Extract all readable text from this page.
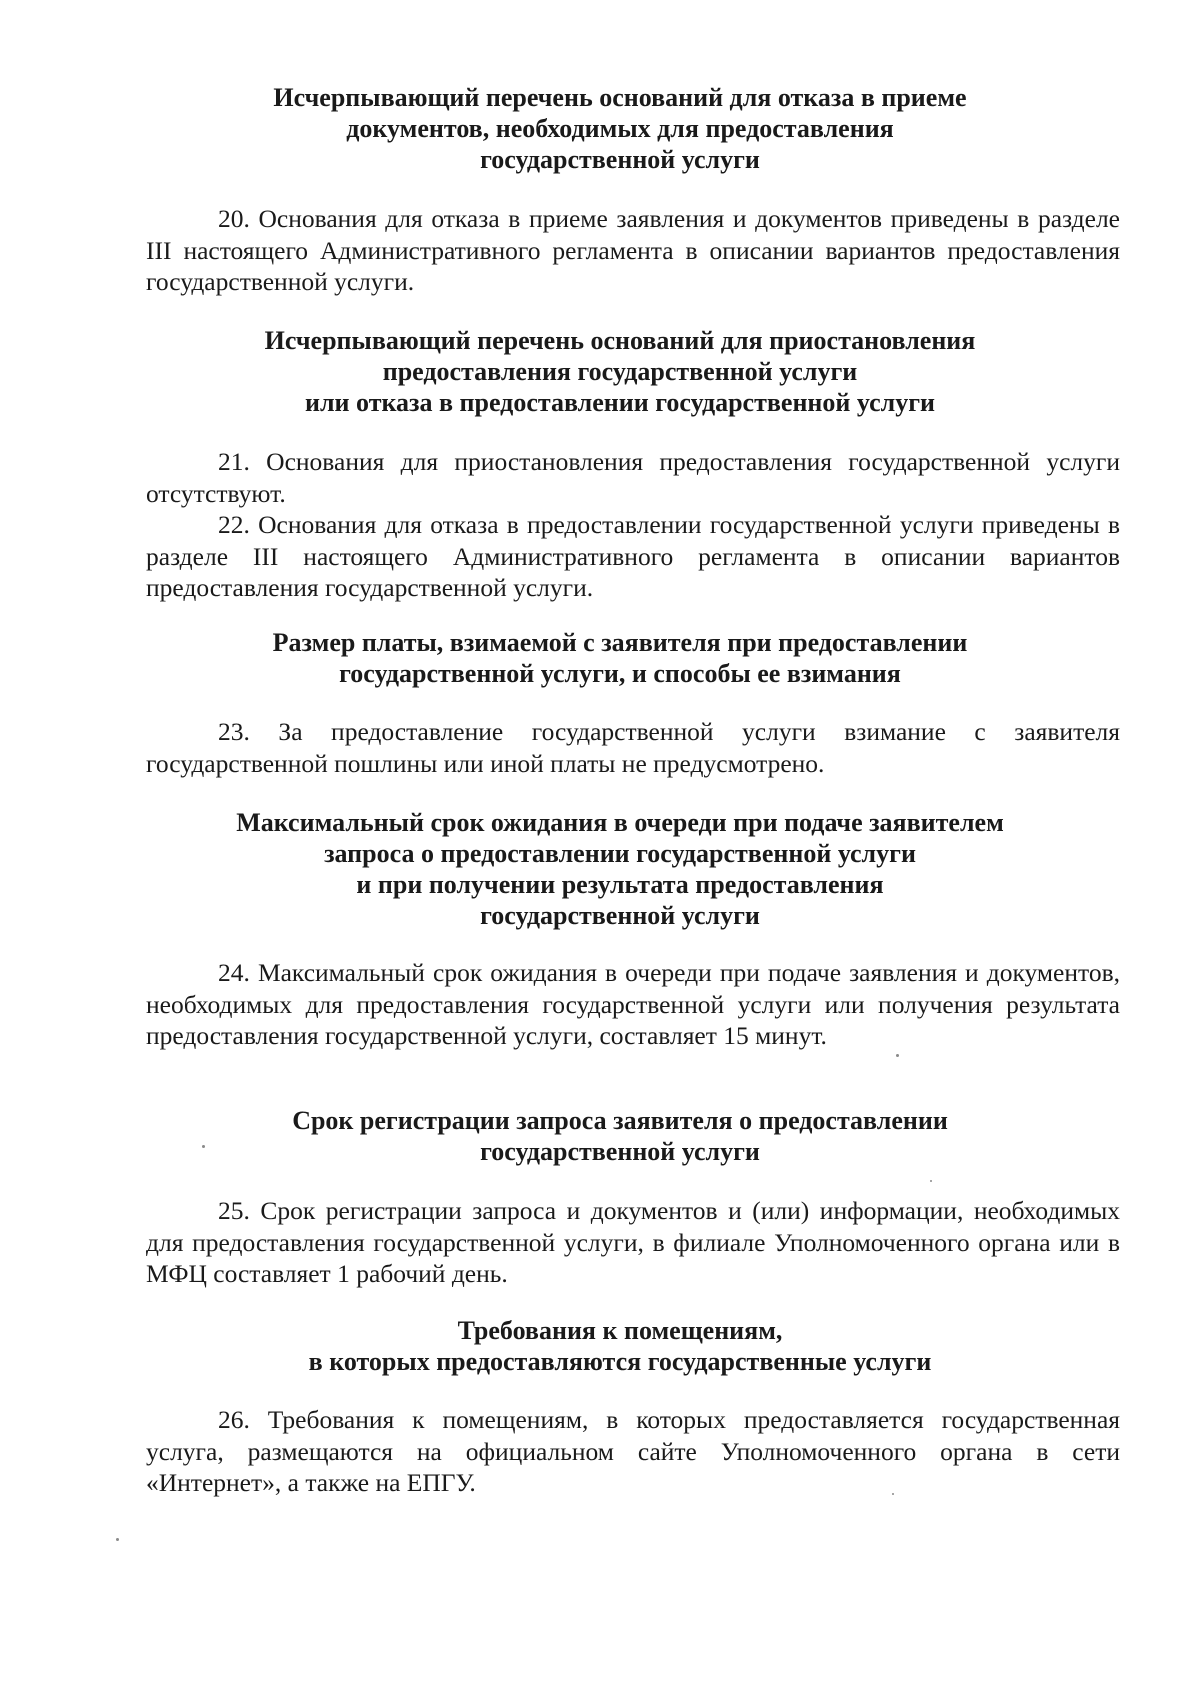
Исчерпывающий перечень оснований для отказа в приеме
документов, необходимых для предоставления
государственной услуги

20. Основания для отказа в приеме заявления и документов приведены в разделе III настоящего Административного регламента в описании вариантов предоставления государственной услуги.

Исчерпывающий перечень оснований для приостановления
предоставления государственной услуги
или отказа в предоставлении государственной услуги

21. Основания для приостановления предоставления государственной услуги отсутствуют.

22. Основания для отказа в предоставлении государственной услуги приведены в разделе III настоящего Административного регламента в описании вариантов предоставления государственной услуги.

Размер платы, взимаемой с заявителя при предоставлении
государственной услуги, и способы ее взимания

23. За предоставление государственной услуги взимание с заявителя государственной пошлины или иной платы не предусмотрено.

Максимальный срок ожидания в очереди при подаче заявителем
запроса о предоставлении государственной услуги
и при получении результата предоставления
государственной услуги

24. Максимальный срок ожидания в очереди при подаче заявления и документов, необходимых для предоставления государственной услуги или получения результата предоставления государственной услуги, составляет 15 минут.

Срок регистрации запроса заявителя о предоставлении
государственной услуги

25. Срок регистрации запроса и документов и (или) информации, необходимых для предоставления государственной услуги, в филиале Уполномоченного органа или в МФЦ составляет 1 рабочий день.

Требования к помещениям,
в которых предоставляются государственные услуги

26. Требования к помещениям, в которых предоставляется государственная услуга, размещаются на официальном сайте Уполномоченного органа в сети «Интернет», а также на ЕПГУ.
